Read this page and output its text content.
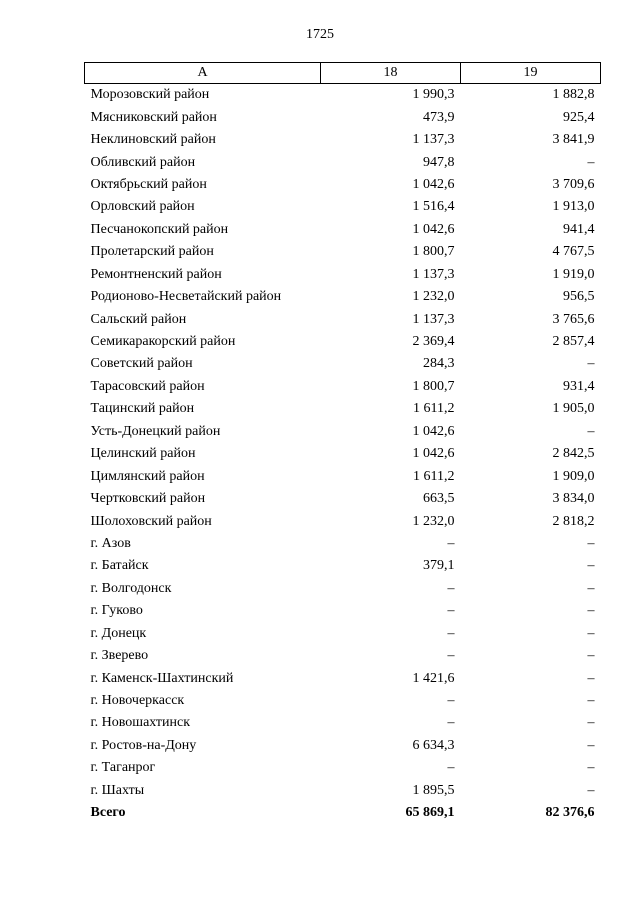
1725
А	18	19
Морозовский район	1 990,3	1 882,8
Мясниковский район	473,9	925,4
Неклиновский район	1 137,3	3 841,9
Обливский район	947,8	–
Октябрьский район	1 042,6	3 709,6
Орловский район	1 516,4	1 913,0
Песчанокопский район	1 042,6	941,4
Пролетарский район	1 800,7	4 767,5
Ремонтненский район	1 137,3	1 919,0
Родионово-Несветайский район	1 232,0	956,5
Сальский район	1 137,3	3 765,6
Семикаракорский район	2 369,4	2 857,4
Советский район	284,3	–
Тарасовский район	1 800,7	931,4
Тацинский район	1 611,2	1 905,0
Усть-Донецкий район	1 042,6	–
Целинский район	1 042,6	2 842,5
Цимлянский район	1 611,2	1 909,0
Чертковский район	663,5	3 834,0
Шолоховский район	1 232,0	2 818,2
г. Азов	–	–
г. Батайск	379,1	–
г. Волгодонск	–	–
г. Гуково	–	–
г. Донецк	–	–
г. Зверево	–	–
г. Каменск-Шахтинский	1 421,6	–
г. Новочеркасск	–	–
г. Новошахтинск	–	–
г. Ростов-на-Дону	6 634,3	–
г. Таганрог	–	–
г. Шахты	1 895,5	–
Всего	65 869,1	82 376,6
